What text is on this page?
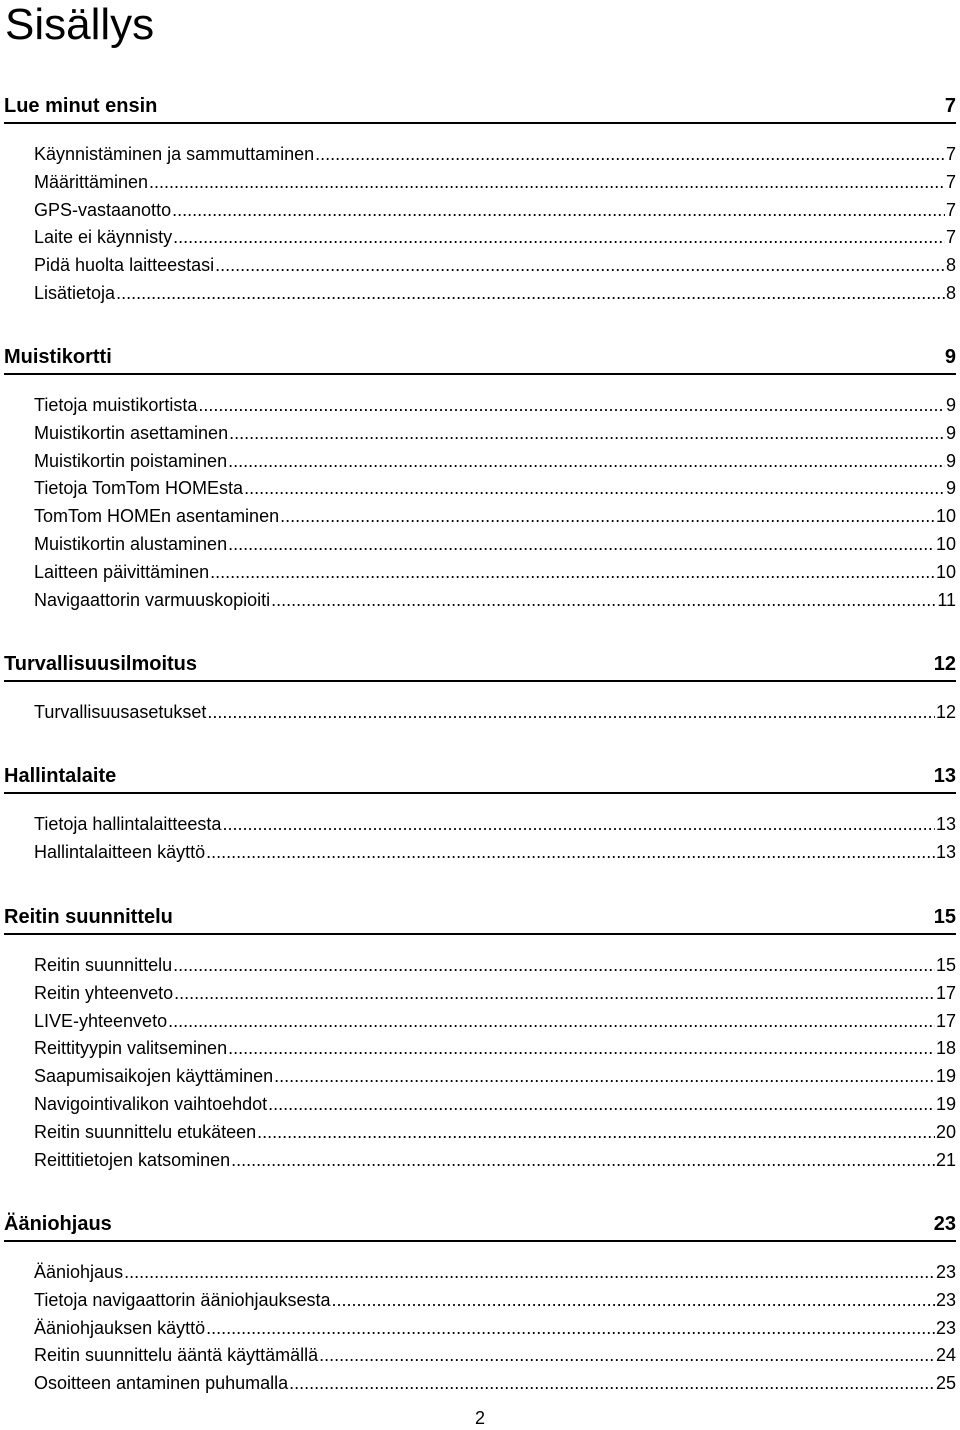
Sisällys
Lue minut ensin	7
Käynnistäminen ja sammuttaminen .....	7
Määrittäminen .....	7
GPS-vastaanotto .....	7
Laite ei käynnisty .....	7
Pidä huolta laitteestasi .....	8
Lisätietoja .....	8
Muistikortti	9
Tietoja muistikortista .....	9
Muistikortin asettaminen .....	9
Muistikortin poistaminen .....	9
Tietoja TomTom HOMEsta .....	9
TomTom HOMEn asentaminen .....	10
Muistikortin alustaminen .....	10
Laitteen päivittäminen .....	10
Navigaattorin varmuuskopioiti .....	11
Turvallisuusilmoitus	12
Turvallisuusasetukset .....	12
Hallintalaite	13
Tietoja hallintalaitteesta .....	13
Hallintalaitteen käyttö .....	13
Reitin suunnittelu	15
Reitin suunnittelu .....	15
Reitin yhteenveto .....	17
LIVE-yhteenveto .....	17
Reittityypin valitseminen .....	18
Saapumisaikojen käyttäminen .....	19
Navigointivalikon vaihtoehdot .....	19
Reitin suunnittelu etukäteen .....	20
Reittitietojen katsominen .....	21
Ääniohjaus	23
Ääniohjaus .....	23
Tietoja navigaattorin ääniohjauksesta .....	23
Ääniohjauksen käyttö .....	23
Reitin suunnittelu ääntä käyttämällä .....	24
Osoitteen antaminen puhumalla .....	25
2
